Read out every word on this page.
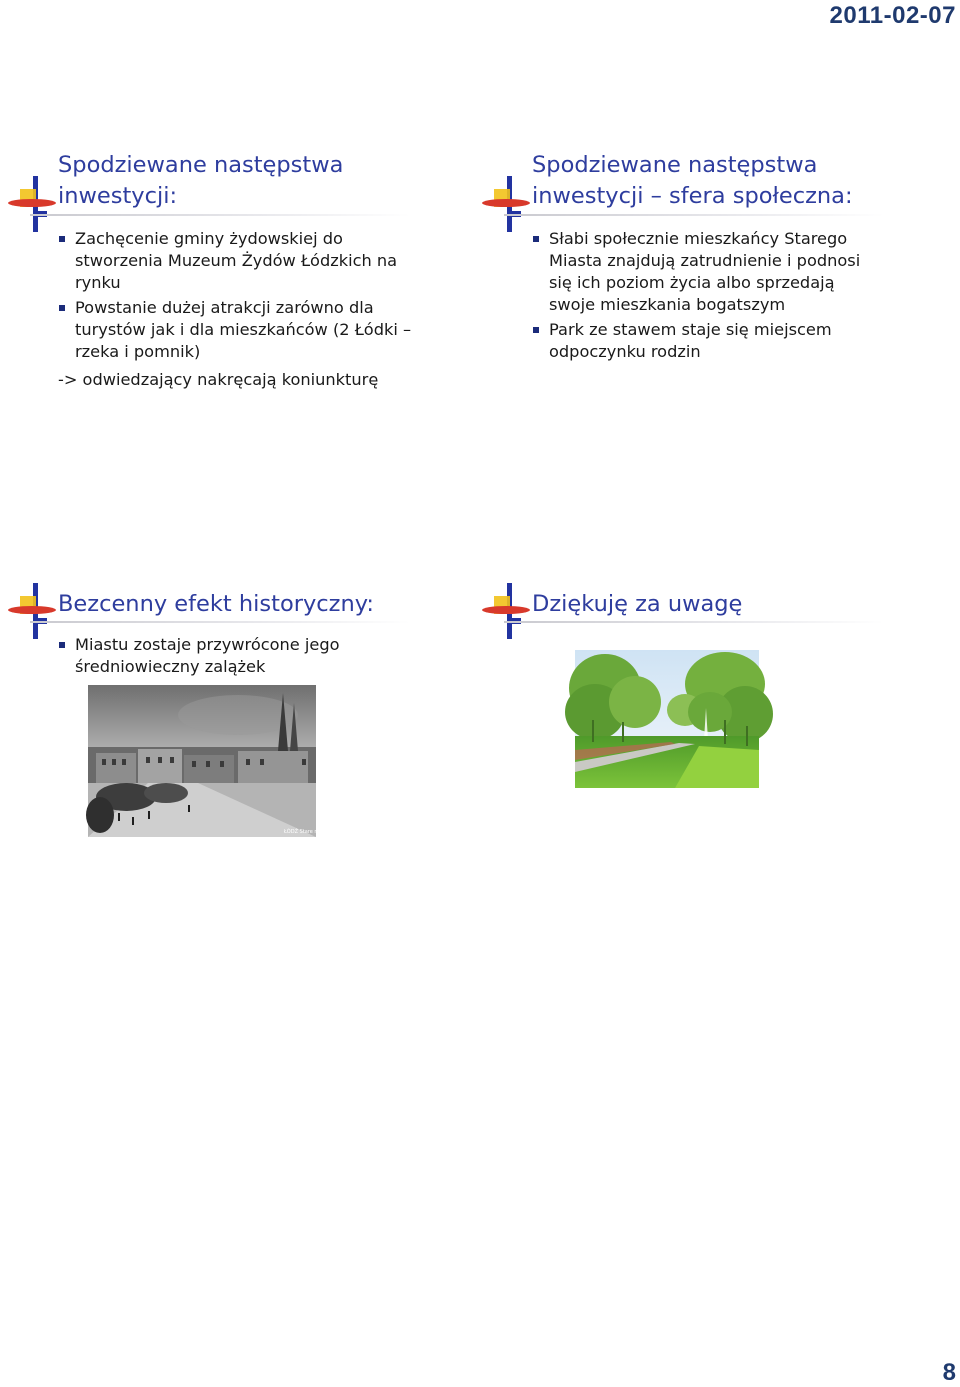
2011-02-07
Spodziewane następstwa inwestycji:
Zachęcenie gminy żydowskiej do stworzenia Muzeum Żydów Łódzkich na rynku
Powstanie dużej atrakcji zarówno dla turystów jak i dla mieszkańców (2 Łódki – rzeka i pomnik)
-> odwiedzający nakręcają koniunkturę
Spodziewane następstwa inwestycji – sfera społeczna:
Słabi społecznie mieszkańcy Starego Miasta znajdują zatrudnienie i podnosi się ich poziom życia albo sprzedają swoje mieszkania bogatszym
Park ze stawem staje się miejscem odpoczynku rodzin
Bezcenny efekt historyczny:
Miastu zostaje przywrócone jego średniowieczny zalążek
ŁÓDŹ Stare miasto
Dziękuję za uwagę
8
